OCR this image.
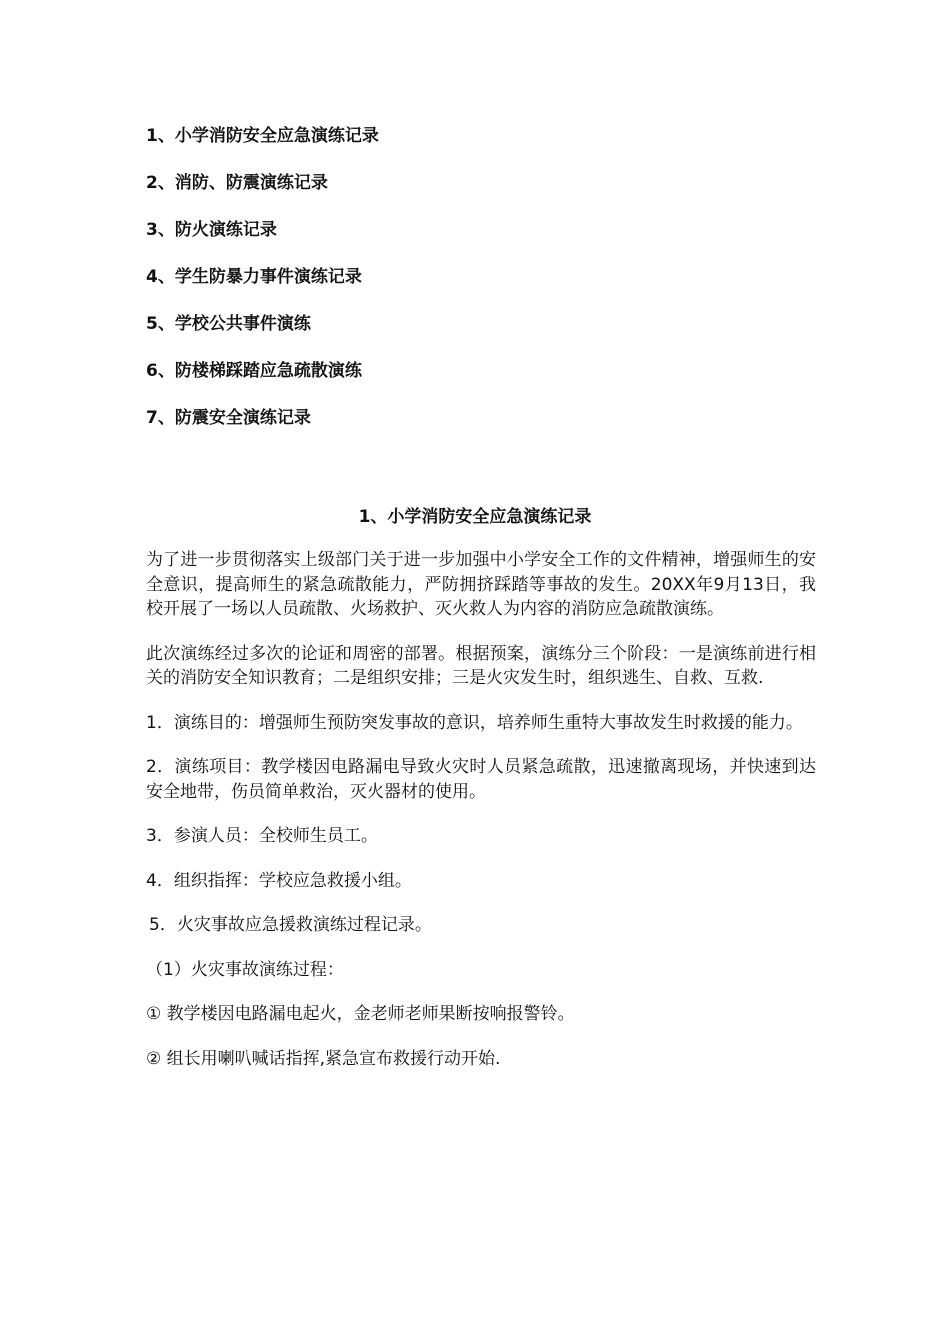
1、小学消防安全应急演练记录
2、消防、防震演练记录
3、防火演练记录
4、学生防暴力事件演练记录
5、学校公共事件演练
6、防楼梯踩踏应急疏散演练
7、防震安全演练记录
1、小学消防安全应急演练记录

为了进一步贯彻落实上级部门关于进一步加强中小学安全工作的文件精神，增强师生的安全意识，提高师生的紧急疏散能力，严防拥挤踩踏等事故的发生。20XX年9月13日，我校开展了一场以人员疏散、火场救护、灭火救人为内容的消防应急疏散演练。

此次演练经过多次的论证和周密的部署。根据预案，演练分三个阶段：一是演练前进行相关的消防安全知识教育；二是组织安排；三是火灾发生时，组织逃生、自救、互救.

1．演练目的：增强师生预防突发事故的意识，培养师生重特大事故发生时救援的能力。

2．演练项目：教学楼因电路漏电导致火灾时人员紧急疏散，迅速撤离现场，并快速到达安全地带，伤员简单救治，灭火器材的使用。

3．参演人员：全校师生员工。

4．组织指挥：学校应急救援小组。

5．火灾事故应急援救演练过程记录。

（1）火灾事故演练过程：

① 教学楼因电路漏电起火，金老师老师果断按响报警铃。

② 组长用喇叭喊话指挥,紧急宣布救援行动开始.
